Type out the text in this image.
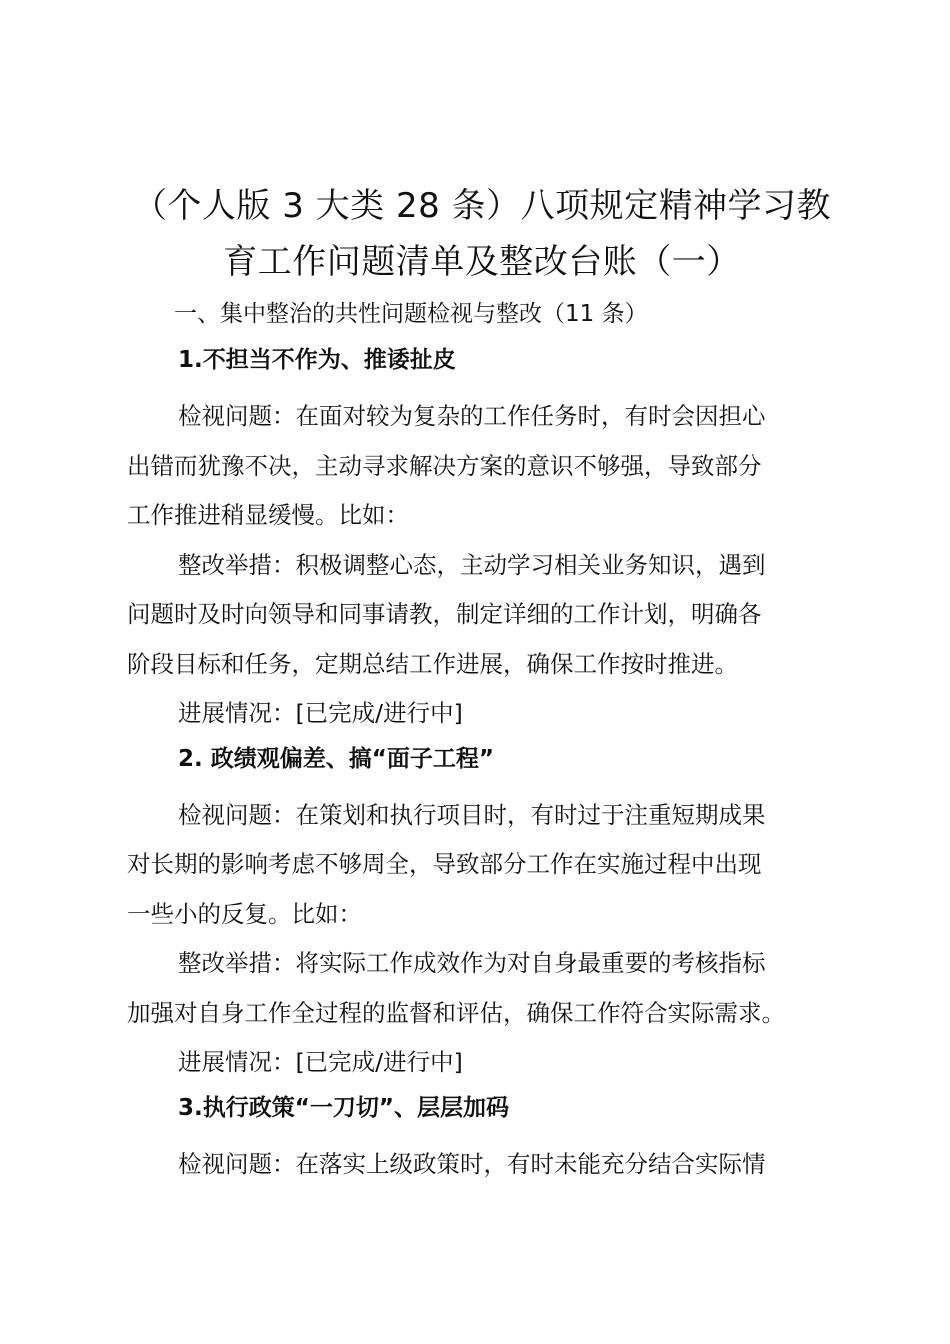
（个人版 3 大类 28 条）八项规定精神学习教
育工作问题清单及整改台账（一）

一、集中整治的共性问题检视与整改（11 条）

1.不担当不作为、推诿扯皮

检视问题：在面对较为复杂的工作任务时，有时会因担心
出错而犹豫不决，主动寻求解决方案的意识不够强，导致部分
工作推进稍显缓慢。比如：

整改举措：积极调整心态，主动学习相关业务知识，遇到
问题时及时向领导和同事请教，制定详细的工作计划，明确各
阶段目标和任务，定期总结工作进展，确保工作按时推进。

进展情况：[已完成/进行中]

2. 政绩观偏差、搞“面子工程”

检视问题：在策划和执行项目时，有时过于注重短期成果
对长期的影响考虑不够周全，导致部分工作在实施过程中出现
一些小的反复。比如：

整改举措：将实际工作成效作为对自身最重要的考核指标
加强对自身工作全过程的监督和评估，确保工作符合实际需求。

进展情况：[已完成/进行中]

3.执行政策“一刀切”、层层加码

检视问题：在落实上级政策时，有时未能充分结合实际情
